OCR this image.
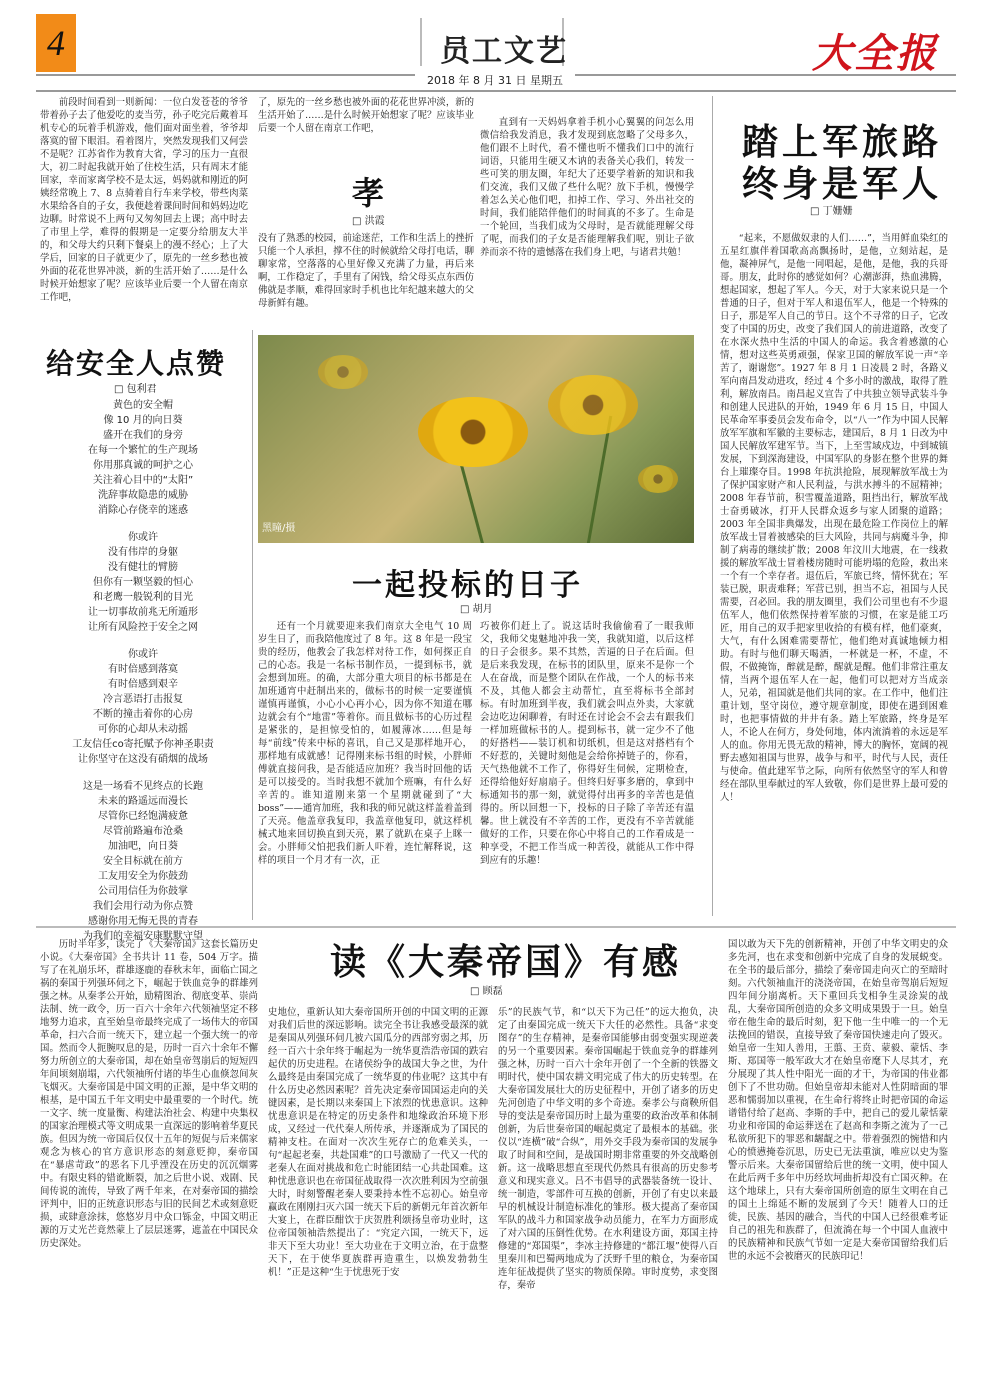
4	员工文艺	大全报
2018 年 8 月 31 日 星期五

前段时间看到一则新闻：一位白发苍苍的爷爷带着孙子去了他爱吃的麦当劳，孙子吃完后戴着耳机专心的玩着手机游戏，他们面对面坐着，爷爷却落寞的留下眼泪。看着图片，突然发现我们又何尝不是呢？江苏省作为教育大省，学习的压力一直很大，初二时起我就开始了住校生活，只有周末才能回家，幸而家离学校不是太远，妈妈就和刚近的阿姨经常晚上 7、8 点骑着自行车来学校，带些肉菜水果给各自的子女，我便趁着课间时间和妈妈边吃边聊。时常说不上两句又匆匆回去上课；高中时去了市里上学，难得的假期是一定要分给朋友大半的，和父母大约只剩下餐桌上的漫不经心；上了大学后，回家的日子就更少了，原先的一丝乡愁也被外面的花花世界冲淡，新的生活开始了……是什么时候开始想家了呢？应该毕业后要一个人留在南京工作吧，

孝
□ 洪霞

了，原先的一丝乡愁也被外面的花花世界冲淡，新的生活开始了……是什么时候开始想家了呢？应该毕业后要一个人留在南京工作吧，

没有了熟悉的校园，前途迷茫，工作和生活上的挫折只能一个人承担，撑不住的时候就给父母打电话，聊聊家常，空落落的心里好像又充满了力量，再后来啊，工作稳定了，手里有了闲钱，给父母买点东西仿佛就是孝顺，难得回家时手机也比年纪越来越大的父母新鲜有趣。

直到有一天妈妈拿着手机小心翼翼的问怎么用微信给我发消息，我才发现到底忽略了父母多久，他们跟不上时代，看不懂也听不懂我们口中的流行词语，只能用生硬又木讷的表备关心我们，转发一些可笑的朋友圈，年纪大了还要学着新的知识和我们交流，我们又做了些什么呢？放下手机，慢慢学着怎么关心他们吧，扣掉工作、学习、外出社交的时间，我们能陪伴他们的时间真的不多了。生命是一个轮回，当我们成为父母时，是否就能理解父母了呢，而我们的子女是否能理解我们呢，别让子欲养而亲不待的遗憾落在我们身上吧，与诸君共勉！

给安全人点赞
□ 包利君
黄色的安全帽
像 10 月的向日葵
盛开在我们的身旁
在每一个繁忙的生产现场
你用那真诚的呵护之心
关注着心目中的“太阳”
洗辞事故隐患的威胁
消除心存侥幸的迷惑
你或许
没有伟岸的身躯
没有健壮的臂膀
但你有一颗坚毅的恒心
和老鹰一般锐利的目光
让一切事故前兆无所遁形
让所有风险控于安全之网
你或许
有时倍感到落寞
有时倍感到艰辛
冷言恶语打击报复
不断的撞击着你的心房
可你的心却从未动摇
工友信任со寄托赋予你神圣职责
让你坚守在这没有硝烟的战场
这是一场看不见终点的长跑
未来的路遥远而漫长
尽管你已经饱满疲惫
尽管前路遍布沧桑
加油吧，向日葵
安全目标就在前方
工友用安全为你鼓劲
公司用信任为你鼓掌
我们会用行动为你点赞
感谢你用无悔无畏的青春
为我们的幸福安康默默守望
黑瞳/摄
一起投标的日子
□ 胡月

还有一个月就要迎来我们南京大全电气 10 周岁生日了，而我陪他度过了 8 年。这 8 年是一段宝贵的经历，他教会了我怎样对待工作，如何探正自己的心态。我是一名标书制作员，一提到标书，就会想到加班。的确，大部分重大项目的标书都是在加班通宵中赶制出来的，做标书的时候一定要谨慎谨慎再谨慎，小心小心再小心，因为你不知道在哪边就会有个“地雷”等着你。而且做标书的心历过程是紧张的，是担惊受怕的，如履薄冰……但是每每“前线”传来中标的喜讯，自己又是那样地开心，那样地有成就感！记得刚来标书组的时候，小胖师傅就直接问我，是否能适应加班？我当时回他的话是可以接受的。当时我想不就加个班嘛，有什么好辛苦的。谁知道刚来第一个星期就碰到了“大 boss”——通宵加班，我和我的师兄就这样盖着盖到了天亮。他盖章我复印，我盖章他复印，就这样机械式地来回切换直到天亮，累了就趴在桌子上眯一会。小胖师父怕把我们新人吓着，连忙解释说，这样的项目一个月才有一次，正

巧被你们赶上了。说这话时我偷偷看了一眼我师父，我师父鬼魅地冲我一笑，我就知道，以后这样的日子会很多。果不其然，苦逼的日子在后面。但是后来我发现，在标书的团队里，原来不是你一个人在奋战，而是整个团队在作战，一个人的标书来不及，其他人都会主动帮忙，直至将标书全部封标。有时加班到半夜，我们就会叫点外卖，大家就会边吃边闲聊着，有时还在讨论会不会去有跟我们一样加班做标书的人。提到标书，就一定少不了他的好搭档——装订机和切纸机，但是这对搭档有个不好惹的，关键时刻他是会给你掉链子的，你看，天气热他就不工作了，你得好生伺候，定期检查，还得给他好好扇扇子。但终归好事多磨的，拿到中标通知书的那一刻，就觉得付出再多的辛苦也是值得的。所以回想一下，投标的日子除了辛苦还有温馨。世上就没有不辛苦的工作，更没有不辛苦就能做好的工作，只要在你心中将自己的工作看成是一种享受，不把工作当成一种苦役，就能从工作中得到应有的乐趣！

踏上军旅路
终身是军人
□ 丁姗姗

“起来，不愿做奴隶的人们……”，当用鲜血染红的五星红旗伴着国歌高高飘扬时，是他，立刻站起，是他，凝神屏气，是他一同唱起，是他，是他，我的兵哥哥。朋友，此时你的感觉如何？心潮澎湃，热血沸腾，想起国家，想起了军人。今天，对于大家来说只是一个普通的日子，但对于军人和退伍军人，他是一个特殊的日子，那是军人自己的节日。这个不寻常的日子，它改变了中国的历史，改变了我们国人的前进道路，改变了在水深火热中生活的中国人的命运。我含着感激的心情，想对这些英勇顽强，保家卫国的解放军说一声“辛苦了，谢谢您”。1927 年 8 月 1 日凌晨 2 时，各路义军向南昌发动进攻，经过 4 个多小时的激战，取得了胜利，解放南昌。南昌起义宣告了中共独立领导武装斗争和创建人民进队的开始，1949 年 6 月 15 日，中国人民革命军事委员会发布命令，以“八一”作为中国人民解放军军旗和军徽的主要标志，建国后，8 月 1 日改为中国人民解放军建军节。当下，上至雪域戍边，中到城镇发展，下到深海建设，中国军队的身影在整个世界的舞台上璀璨夺目。1998 年抗洪抢险，展现解放军战士为了保护国家财产和人民利益，与洪水搏斗的不屈精神；2008 年春节前，积雪覆盖道路，阻挡出行，解放军战士奋勇破冰，打开人民群众返乡与家人团聚的道路；2003 年全国非典爆发，出现在最危险工作岗位上的解放军战士冒着被感染的巨大风险，共同与病魔斗争，抑制了病毒的继续扩散；2008 年汶川大地震，在一线救援的解放军战士冒着楼房随时可能坍塌的危险，救出来一个有一个幸存者。退伍后，军旅已终，情怀犹在；军装已脱，职责难释；军营已别，担当不忘，祖国与人民需要，召必回。我的朋友圈里，我们公司里也有不少退伍军人，他们依然保持着军旅的习惯，在家是能工巧匠，用自己的双手把家里收拾的有模有样，他们豪爽，大气，有什么困难需要帮忙，他们绝对真诚地倾力相助。有时与他们聊天喝酒，一杯就是一杯，不虚，不假，不做掩饰，醉就是醉，醒就是醒。他们非常注重友情，当两个退伍军人在一起，他们可以把对方当成亲人，兄弟，祖国就是他们共同的家。在工作中，他们注重计划，坚守岗位，遵守规章制度，即使在遇到困难时，也把事情做的井井有条。踏上军旅路，终身是军人，不论人在何方，身处何地，体内流淌着的永远是军人的血。你用无畏无敌的精神，博大的胸怀，宽阔的视野去感知祖国与世界，战争与和平，时代与人民，责任与使命。值此建军节之际，向所有依然坚守的军人和曾经在部队里奉献过的军人致敬，你们是世界上最可爱的人！

读《大秦帝国》有感
□ 顾磊

历时半年多，读完了《大秦帝国》这套长篇历史小说。《大秦帝国》全书共计 11 卷，504 万字。描写了在礼崩乐坏，群雄逐鹿的春秋末年，面临亡国之祸的秦国于列强环伺之下，崛起于铁血竞争的群雄列强之林。从秦孝公开始，励精图治、彻底变革、崇尚法制、统一政令，历一百六十余年六代领袖坚定不移地努力追求，直至始皇帝最终完成了一场伟大的帝国革命，扫六合而一统天下，建立起一个强大统一的帝国。然而令人扼腕叹息的是，历时一百六十余年不懈努力所创立的大秦帝国，却在始皇帝驾崩后的短短四年间顷刻崩塌，六代领袖所付诸的毕生心血倏忽间灰飞烟灭。大秦帝国是中国文明的正源，是中华文明的根基，是中国五千年文明史中最重要的一个时代。统一文字、统一度量衡、构建法治社会、构建中央集权的国家治理模式等文明成果一直深远的影响着华夏民族。但因为统一帝国后仅仅十五年的短促与后来儒家观念为核心的官方意识形态的刻意贬抑，秦帝国在“暴虐苛政”的恶名下几乎湮没在历史的沉沉烟雾中。有限史料的错讹断裂，加之后世小说、戏剧、民间传说的流传，导致了两千年来，在对秦帝国的描绘评判中，旧的正统意识形态与旧的民间艺术或刻意贬损，或肆意涂抹，悠悠岁月中众口铄金，中国文明正源的万丈光芒竟然蒙上了层层迷雾，遮盖在中国民众历史深处。

史地位，重新认知大秦帝国所开创的中国文明的正源对我们后世的深远影响。读完全书让我感受最深的就是秦国从列强环伺几被六国瓜分的西部穷弱之邦，历经一百六十余年终于崛起为一统华夏浩浩帝国的跌宕起伏的历史进程。在诸侯纷争的战国大争之世，为什么最终是由秦国完成了一统华夏的伟业呢？这其中有什么历史必然因素呢？首先决定秦帝国国运走向的关键因素，是长期以来秦国上下浓烈的忧患意识。这种忧患意识是在特定的历史条件和地缘政治环境下形成，又经过一代代秦人所传承，并逐渐成为了国民的精神支柱。在面对一次次生死存亡的危难关头，一句“起起老秦，共赴国难”的口号激励了一代又一代的老秦人在面对挑战和危亡时能团结一心共赴国难。这种忧患意识也在帝国征战取得一次次胜利因为空前强大时，时刻警醒老秦人要秉持本性不忘初心。始皇帝赢政在刚刚扫灭六国一统天下后的新朝元年首次新年大宴上，在群臣酣饮于庆贺胜利颂扬皇帝功业时，这位帝国领袖浩然提出了：“究定六国，一统天下，远非天下至大功业！至大功业在于文明立治，在于盘整天下，在于使华夏族群再造重生，以焕发勃勃生机！”正是这种“生于忧患死于安

乐”的民族气节，和“以天下为己任”的远大抱负，决定了由秦国完成一统天下大任的必然性。具备“求变图存”的生存精神，是秦帝国能够由弱变强实现逆袭的另一个重要因素。秦帝国崛起于铁血竞争的群雄列强之林，历时一百六十余年开创了一个全新的铁器文明时代，使中国农耕文明完成了伟大的历史转型。在大秦帝国发展壮大的历史征程中，开创了诸多的历史先河创造了中华文明的多个奇迹。秦孝公与商鞅所倡导的变法是秦帝国历时上最为重要的政治改革和体制创新，为后世秦帝国的崛起奠定了最根本的基础。张仪以“连横”破“合纵”，用外交手段为秦帝国的发展争取了时间和空间，是战国时期非常重要的外交战略创新。这一战略思想直至现代仍然具有很高的历史参考意义和现实意义。吕不韦倡导的武器装备统一设计、统一制造，零部件可互换的创新，开创了有史以来最早的机械设计制造标准化的雏形。极大提高了秦帝国军队的战斗力和国家战争动员能力，在军力方面形成了对六国的压倒性优势。在水利建设方面，郑国主持修建的“郑国渠”，李冰主持修建的“都江堰”使得八百里秦川和巴蜀两地成为了沃野千里的粮仓，为秦帝国连年征战提供了坚实的物质保障。审时度势，求变图存，秦帝

国以敢为天下先的创新精神，开创了中华文明史的众多先河，也在求变和创新中完成了自身的发展蜕变。在全书的最后部分，描绘了秦帝国走向灭亡的至暗时刻。六代领袖血汗的浇浇帝国，在始皇帝驾崩后短短四年间分崩离析。天下重回兵戈相争生灵涂炭的战乱，大秦帝国所创造的众多文明成果毁于一旦。始皇帝在他生命的最后时刻，犯下他一生中唯一的一个无法挽回的错误，直接导致了秦帝国快速走向了毁灭。始皇帝一生知人善用，王翦、王贲、蒙毅、蒙恬、李斯、郑国等一般军政大才在始皇帝麾下人尽其才，充分展现了其人性中阳光一面的才干，为帝国的伟业都创下了不世功勋。但始皇帝却未能对人性阴暗面的罪恶和懦弱加以重视，在生命行将终止时把帝国的命运谱错付给了赵高、李斯的手中，把自己的爱儿蒙恬蒙功业和帝国的命运葬送在了赵高和李斯之流为了一己私欲所犯下的罪恶和龌龊之中。带着强烈的惋惜和内心的愤懑掩卷沉思，历史已无法重演，唯应以史为鉴警示后来。大秦帝国留给后世的统一文明，使中国人在此后两千多年中历经坎坷曲折却没有亡国灭种。在这个地球上，只有大秦帝国所创造的原生文明在自己的国土上绵延不断的发展到了今天！随着人口的迁徙，民族、基因的融合，当代的中国人已经很难考证自己的祖先和族群了，但流淌在每一个中国人血液中的民族精神和民族气节如一定是大秦帝国留给我们后世的永远不会被磨灭的民族印记！
